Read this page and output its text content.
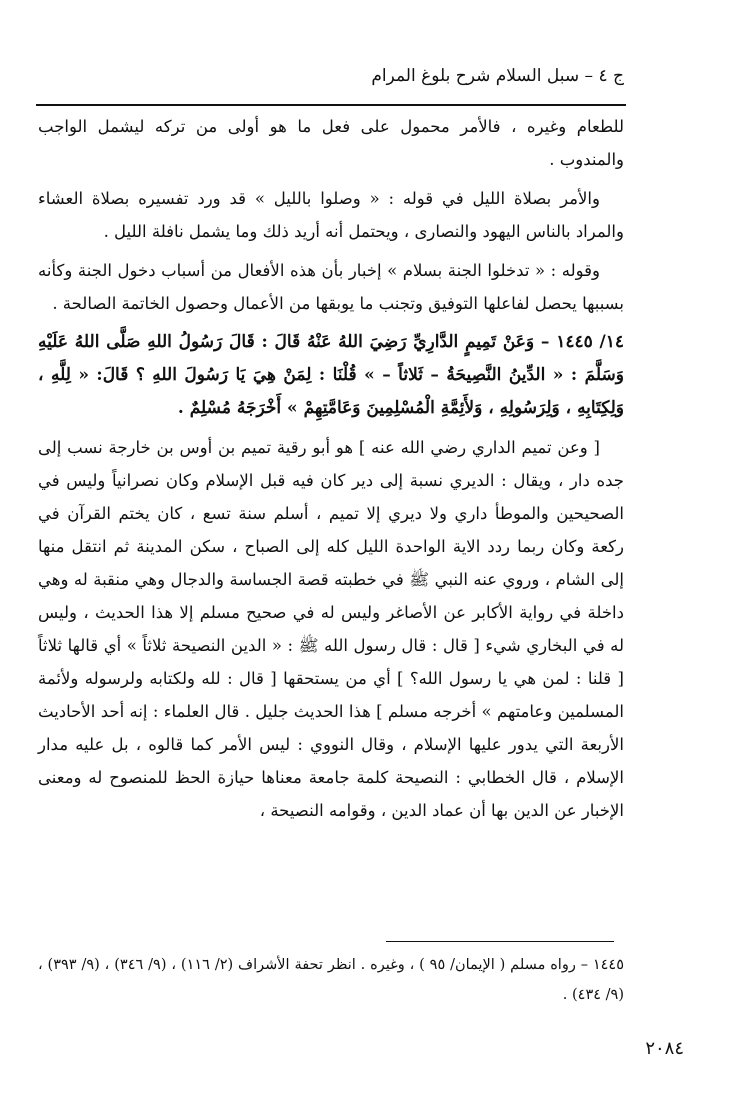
ج ٤ – سبل السلام شرح بلوغ المرام

للطعام وغيره ، فالأمر محمول على فعل ما هو أولى من تركه ليشمل الواجب والمندوب .

والأمر بصلاة الليل في قوله : « وصلوا بالليل » قد ورد تفسيره بصلاة العشاء والمراد بالناس اليهود والنصارى ، ويحتمل أنه أريد ذلك وما يشمل نافلة الليل .

وقوله : « تدخلوا الجنة بسلام » إخبار بأن هذه الأفعال من أسباب دخول الجنة وكأنه بسببها يحصل لفاعلها التوفيق وتجنب ما يوبقها من الأعمال وحصول الخاتمة الصالحة .

١٤/ ١٤٤٥ – وَعَنْ تَمِيمٍ الدَّارِيِّ رَضِيَ اللهُ عَنْهُ قَالَ : قَالَ رَسُولُ اللهِ صَلَّى اللهُ عَلَيْهِ وَسَلَّمَ : « الدِّينُ النَّصِيحَةُ – ثَلاثاً – » قُلْنَا : لِمَنْ هِيَ يَا رَسُولَ اللهِ ؟ قَالَ: « لِلَّهِ ، وَلِكِتَابِهِ ، وَلِرَسُولِهِ ، وَلأَئِمَّةِ الْمُسْلِمِينَ وَعَامَّتِهِمْ » أَخْرَجَهُ مُسْلِمٌ .

[ وعن تميم الداري رضي الله عنه ] هو أبو رقية تميم بن أوس بن خارجة نسب إلى جده دار ، ويقال : الديري نسبة إلى دير كان فيه قبل الإسلام وكان نصرانياً وليس في الصحيحين والموطأ داري ولا ديري إلا تميم ، أسلم سنة تسع ، كان يختم القرآن في ركعة وكان ربما ردد الاية الواحدة الليل كله إلى الصباح ، سكن المدينة ثم انتقل منها إلى الشام ، وروي عنه النبي ﷺ في خطبته قصة الجساسة والدجال وهي منقبة له وهي داخلة في رواية الأكابر عن الأصاغر وليس له في صحيح مسلم إلا هذا الحديث ، وليس له في البخاري شيء [ قال : قال رسول الله ﷺ : « الدين النصيحة ثلاثاً » أي قالها ثلاثاً [ قلنا : لمن هي يا رسول الله؟ ] أي من يستحقها [ قال : لله ولكتابه ولرسوله ولأئمة المسلمين وعامتهم » أخرجه مسلم ] هذا الحديث جليل . قال العلماء : إنه أحد الأحاديث الأربعة التي يدور عليها الإسلام ، وقال النووي : ليس الأمر كما قالوه ، بل عليه مدار الإسلام ، قال الخطابي : النصيحة كلمة جامعة معناها حيازة الحظ للمنصوح له ومعنى الإخبار عن الدين بها أن عماد الدين ، وقوامه النصيحة ،

١٤٤٥ – رواه مسلم ( الإيمان/ ٩٥ ) ، وغيره . انظر تحفة الأشراف (٢/ ١١٦) ، (٩/ ٣٤٦) ، (٩/ ٣٩٣) ، (٩/ ٤٣٤) .
٢٠٨٤
